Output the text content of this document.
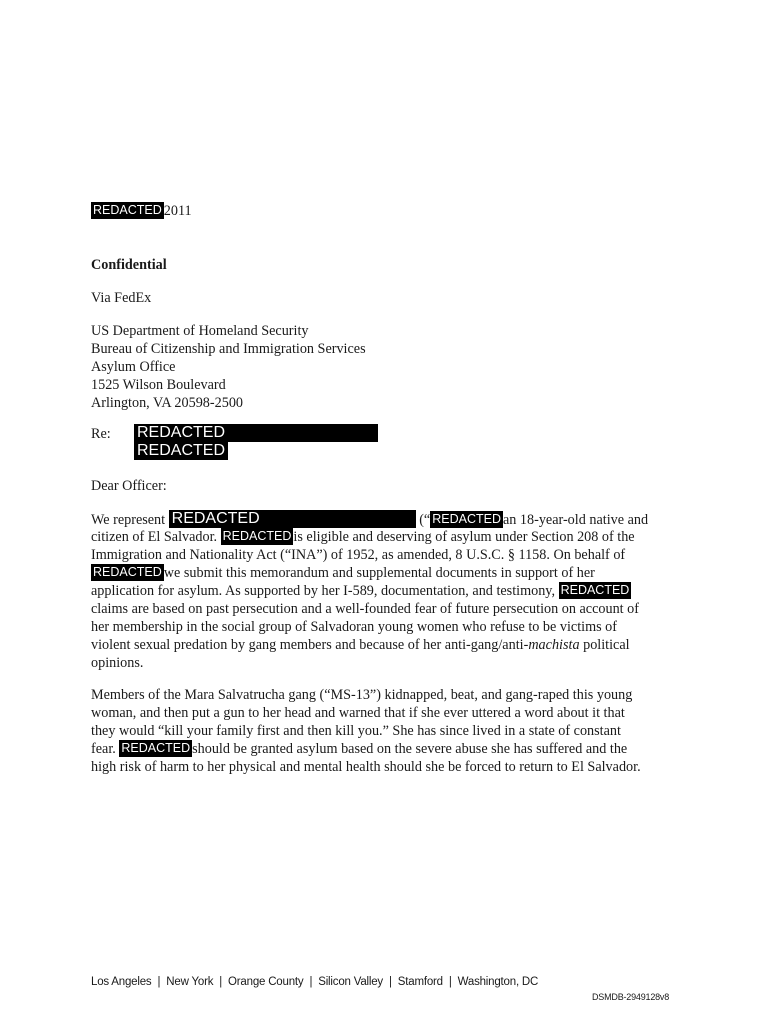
REDACTED 2011
Confidential
Via FedEx
US Department of Homeland Security
Bureau of Citizenship and Immigration Services
Asylum Office
1525 Wilson Boulevard
Arlington, VA 20598-2500
Re: REDACTED
REDACTED
Dear Officer:
We represent REDACTED	(“ REDACTED an 18-year-old native and
citizen of El Salvador. REDACTED is eligible and deserving of asylum under Section 208 of the
Immigration and Nationality Act (“INA”) of 1952, as amended, 8 U.S.C. § 1158. On behalf of
REDACTED we submit this memorandum and supplemental documents in support of her
application for asylum. As supported by her I-589, documentation, and testimony, REDACTED
claims are based on past persecution and a well-founded fear of future persecution on account of
her membership in the social group of Salvadoran young women who refuse to be victims of
violent sexual predation by gang members and because of her anti-gang/anti-machista political
opinions.
Members of the Mara Salvatrucha gang (“MS-13”) kidnapped, beat, and gang-raped this young
woman, and then put a gun to her head and warned that if she ever uttered a word about it that
they would “kill your family first and then kill you.” She has since lived in a state of constant
fear. REDACTED should be granted asylum based on the severe abuse she has suffered and the
high risk of harm to her physical and mental health should she be forced to return to El Salvador.
Los Angeles | New York | Orange County | Silicon Valley | Stamford | Washington, DC
DSMDB-2949128v8
